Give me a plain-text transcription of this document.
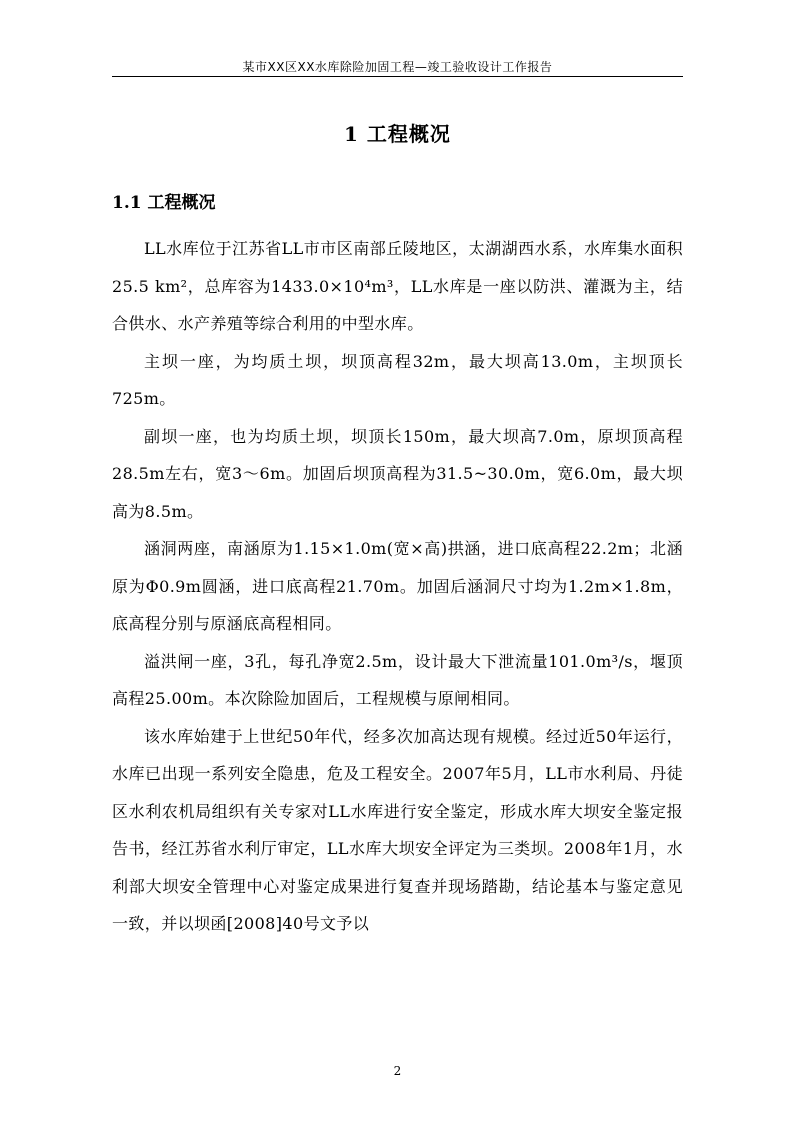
某市XX区XX水库除险加固工程—竣工验收设计工作报告
1 工程概况
1.1 工程概况

LL水库位于江苏省LL市市区南部丘陵地区，太湖湖西水系，水库集水面积25.5 km²，总库容为1433.0×10⁴m³，LL水库是一座以防洪、灌溉为主，结合供水、水产养殖等综合利用的中型水库。

主坝一座，为均质土坝，坝顶高程32m，最大坝高13.0m，主坝顶长725m。

副坝一座，也为均质土坝，坝顶长150m，最大坝高7.0m，原坝顶高程28.5m左右，宽3～6m。加固后坝顶高程为31.5~30.0m，宽6.0m，最大坝高为8.5m。

涵洞两座，南涵原为1.15×1.0m(宽×高)拱涵，进口底高程22.2m；北涵原为Φ0.9m圆涵，进口底高程21.70m。加固后涵洞尺寸均为1.2m×1.8m，底高程分别与原涵底高程相同。

溢洪闸一座，3孔，每孔净宽2.5m，设计最大下泄流量101.0m³/s，堰顶高程25.00m。本次除险加固后，工程规模与原闸相同。

该水库始建于上世纪50年代，经多次加高达现有规模。经过近50年运行，水库已出现一系列安全隐患，危及工程安全。2007年5月，LL市水利局、丹徒区水利农机局组织有关专家对LL水库进行安全鉴定，形成水库大坝安全鉴定报告书，经江苏省水利厅审定，LL水库大坝安全评定为三类坝。2008年1月，水利部大坝安全管理中心对鉴定成果进行复查并现场踏勘，结论基本与鉴定意见一致，并以坝函[2008]40号文予以

2
